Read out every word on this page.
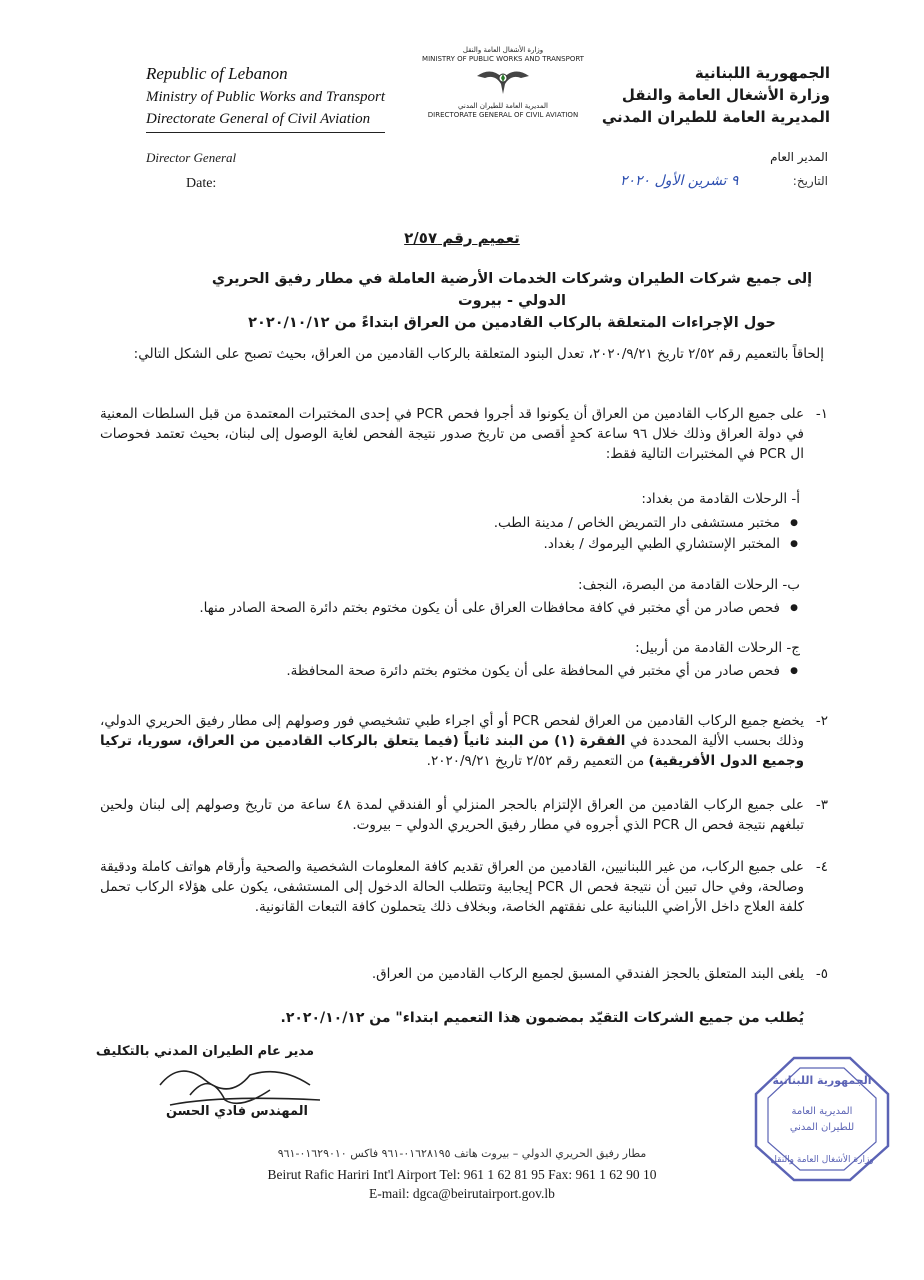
Republic of Lebanon
Ministry of Public Works and Transport
Directorate General of Civil Aviation
وزارة الأشغال العامة والنقل
MINISTRY OF PUBLIC WORKS AND TRANSPORT
المديرية العامة للطيران المدني
DIRECTORATE GENERAL OF CIVIL AVIATION
الجمهورية اللبنانية
وزارة الأشغال العامة والنقل
المديرية العامة للطيران المدني
Director General
Date:
المدير العام
التاريخ:
٩ تشرين الأول ٢٠٢٠
تعميم رقم ٢/٥٧
إلى جميع شركات الطيران وشركات الخدمات الأرضية العاملة في مطار رفيق الحريري الدولي - بيروت
حول الإجراءات المتعلقة بالركاب القادمين من العراق ابتداءً من ٢٠٢٠/١٠/١٢
إلحاقاً بالتعميم رقم ٢/٥٢ تاريخ ٢٠٢٠/٩/٢١، تعدل البنود المتعلقة بالركاب القادمين من العراق، بحيث تصبح على الشكل التالي:
١-
على جميع الركاب القادمين من العراق أن يكونوا قد أجروا فحص PCR في إحدى المختبرات المعتمدة من قبل السلطات المعنية في دولة العراق وذلك خلال ٩٦ ساعة كحدٍ أقصى من تاريخ صدور نتيجة الفحص لغاية الوصول إلى لبنان، بحيث تعتمد فحوصات ال PCR في المختبرات التالية فقط:
أ- الرحلات القادمة من بغداد:
● مختبر مستشفى دار التمريض الخاص / مدينة الطب.
● المختبر الإستشاري الطبي اليرموك / بغداد.
ب- الرحلات القادمة من البصرة، النجف:
● فحص صادر من أي مختبر في كافة محافظات العراق على أن يكون مختوم بختم دائرة الصحة الصادر منها.
ج- الرحلات القادمة من أربيل:
● فحص صادر من أي مختبر في المحافظة على أن يكون مختوم بختم دائرة صحة المحافظة.
٢-
يخضع جميع الركاب القادمين من العراق لفحص PCR أو أي اجراء طبي تشخيصي فور وصولهم إلى مطار رفيق الحريري الدولي، وذلك بحسب الألية المحددة في الفقرة (١) من البند ثانياً (فيما يتعلق بالركاب القادمين من العراق، سوريا، تركيا وجميع الدول الأفريقية) من التعميم رقم ٢/٥٢ تاريخ ٢٠٢٠/٩/٢١.
٣-
على جميع الركاب القادمين من العراق الإلتزام بالحجر المنزلي أو الفندقي لمدة ٤٨ ساعة من تاريخ وصولهم إلى لبنان ولحين تبلغهم نتيجة فحص ال PCR الذي أجروه في مطار رفيق الحريري الدولي – بيروت.
٤-
على جميع الركاب، من غير اللبنانيين، القادمين من العراق تقديم كافة المعلومات الشخصية والصحية وأرقام هواتف كاملة ودقيقة وصالحة، وفي حال تبين أن نتيجة فحص ال PCR إيجابية وتتطلب الحالة الدخول إلى المستشفى، يكون على هؤلاء الركاب تحمل كلفة العلاج داخل الأراضي اللبنانية على نفقتهم الخاصة، وبخلاف ذلك يتحملون كافة التبعات القانونية.
٥-
يلغى البند المتعلق بالحجز الفندقي المسبق لجميع الركاب القادمين من العراق.
يُطلب من جميع الشركات التقيّد بمضمون هذا التعميم ابتداء" من ٢٠٢٠/١٠/١٢.
مدير عام الطيران المدني بالتكليف
المهندس فادي الحسن
الجمهورية اللبنانية
المديرية العامة
للطيران المدني
وزارة الأشغال العامة والنقل
مطار رفيق الحريري الدولي – بيروت هاتف ٠١٦٢٨١٩٥-٩٦١ فاكس ٠١٦٢٩٠١٠-٩٦١
Beirut Rafic Hariri Int'l Airport Tel: 961 1 62 81 95 Fax: 961 1 62 90 10
E-mail: dgca@beirutairport.gov.lb
